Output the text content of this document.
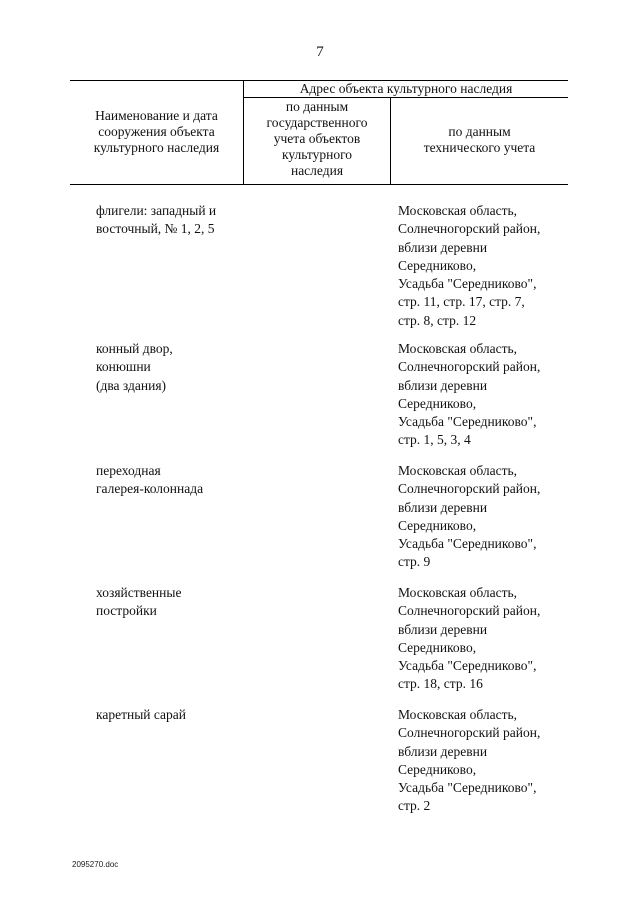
7
Адрес объекта культурного наследия
Наименование и дата
сооружения объекта
культурного наследия
по данным
государственного
учета объектов
культурного
наследия
по данным
технического учета
флигели: западный и
восточный, № 1, 2, 5
Московская область,
Солнечногорский район,
вблизи деревни
Середниково,
Усадьба "Середниково",
стр. 11, стр. 17, стр. 7,
стр. 8, стр. 12
конный двор,
конюшни
(два здания)
Московская область,
Солнечногорский район,
вблизи деревни
Середниково,
Усадьба "Середниково",
стр. 1, 5, 3, 4
переходная
галерея-колоннада
Московская область,
Солнечногорский район,
вблизи деревни
Середниково,
Усадьба "Середниково",
стр. 9
хозяйственные
постройки
Московская область,
Солнечногорский район,
вблизи деревни
Середниково,
Усадьба "Середниково",
стр. 18, стр. 16
каретный сарай	Московская область,
Солнечногорский район,
вблизи деревни
Середниково,
Усадьба "Середниково",
стр. 2
2095270.doc
